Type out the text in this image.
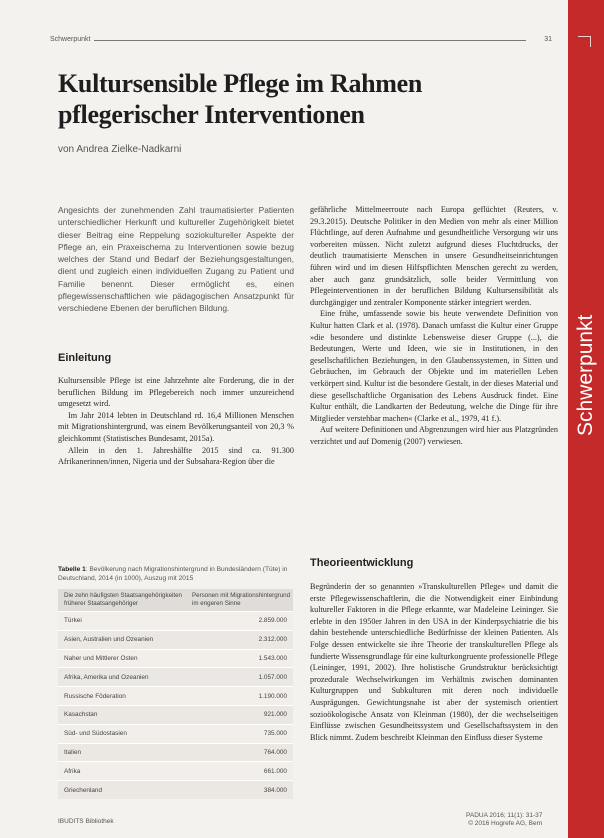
Schwerpunkt	31
Schwerpunkt
Kultursensible Pflege im Rahmen pflegerischer Interventionen
von Andrea Zielke-Nadkarni

Angesichts der zunehmenden Zahl traumatisierter Patienten unterschiedlicher Herkunft und kultureller Zugehörigkeit bietet dieser Beitrag eine Reppelung soziokultureller Aspekte der Pflege an, ein Praxeischema zu Interventionen sowie bezug welches der Stand und Bedarf der Beziehungsgestaltungen, dient und zugleich einen individuellen Zugang zu Patient und Familie benennt. Dieser ermöglicht es, einen pflegewissenschaftlichen wie pädagogischen Ansatzpunkt für verschiedene Ebenen der beruflichen Bildung.

Einleitung

Kultursensible Pflege ist eine Jahrzehnte alte Forderung, die in der beruflichen Bildung im Pflegebereich noch immer unzureichend umgesetzt wird.

Im Jahr 2014 lebten in Deutschland rd. 16,4 Millionen Menschen mit Migrationshintergrund, was einem Bevölkerungsanteil von 20,3 % gleichkommt (Statistisches Bundesamt, 2015a).

Allein in den 1. Jahreshälfte 2015 sind ca. 91.300 Afrikanerinnen/innen, Nigeria und der Subsahara-Region über die

Tabelle 1: Bevölkerung nach Migrationshintergrund in Bundesländern (Tüte) in Deutschland, 2014 (in 1000), Auszug mit 2015
Die zehn häufigsten Staatsangehörigkeiten früherer Staatsangehöriger	Personen mit Migrationshintergrund im engeren Sinne
Türkei	2.859.000
Asien, Australien und Ozeanien	2.312.000
Naher und Mittlerer Osten	1.543.000
Afrika, Amerika und Ozeanien	1.057.000
Russische Föderation	1.190.000
Kasachstan	921.000
Süd- und Südostasien	735.000
Italien	764.000
Afrika	661.000
Griechenland	384.000

gefährliche Mittelmeerroute nach Europa geflüchtet (Reuters, v. 29.3.2015). Deutsche Politiker in den Medien von mehr als einer Million Flüchtlinge, auf deren Aufnahme und gesundheitliche Versorgung wir uns vorbereiten müssen. Nicht zuletzt aufgrund dieses Fluchtdrucks, der deutlich traumatisierte Menschen in unsere Gesundheitseinrichtungen führen wird und im diesen Hilfspflichten Menschen gerecht zu werden, aber auch ganz grundsätzlich, solle beider Vermittlung von Pflegeinterventionen in der beruflichen Bildung Kultursensibilität als durchgängiger und zentraler Komponente stärker integriert werden.

Eine frühe, umfassende sowie bis heute verwendete Definition von Kultur hatten Clark et al. (1978). Danach umfasst die Kultur einer Gruppe »die besondere und distinkte Lebensweise dieser Gruppe (...), die Bedeutungen, Werte und Ideen, wie sie in Institutionen, in den gesellschaftlichen Beziehungen, in den Glaubenssystemen, in Sitten und Gebräuchen, im Gebrauch der Objekte und im materiellen Leben verkörpert sind. Kultur ist die besondere Gestalt, in der dieses Material und diese gesellschaftliche Organisation des Lebens Ausdruck findet. Eine Kultur enthält, die Landkarten der Bedeutung, welche die Dinge für ihre Mitglieder verstehbar machen« (Clarke et al., 1979, 41 f.).

Auf weitere Definitionen und Abgrenzungen wird hier aus Platzgründen verzichtet und auf Domenig (2007) verwiesen.

Theorieentwicklung

Begründerin der so genannten »Transkulturellen Pflege« und damit die erste Pflegewissenschaftlerin, die die Notwendigkeit einer Einbindung kultureller Faktoren in die Pflege erkannte, war Madeleine Leininger. Sie erlebte in den 1950er Jahren in den USA in der Kinderpsychiatrie die bis dahin bestehende unterschiedliche Bedürfnisse der kleinen Patienten. Als Folge dessen entwickelte sie ihre Theorie der transkulturellen Pflege als fundierte Wissensgrundlage für eine kulturkongruente professionelle Pflege (Leininger, 1991, 2002). Ihre holistische Grundstruktur berücksichtigt prozedurale Wechselwirkungen im Verhältnis zwischen dominanten Kulturgruppen und Subkulturen mit deren noch individuelle Ausprägungen. Gewichtungsnahe ist aber der systemisch orientiert sozioökologische Ansatz von Kleinman (1980), der die wechselseitigen Einflüsse zwischen Gesundheitssystem und Gesellschaftssystem in den Blick nimmt. Zudem beschreibt Kleinman den Einfluss dieser Systeme

IBUDITS Bibliothek
PADUA 2016; 11(1): 31-37
© 2016 Hogrefe AG, Bern
